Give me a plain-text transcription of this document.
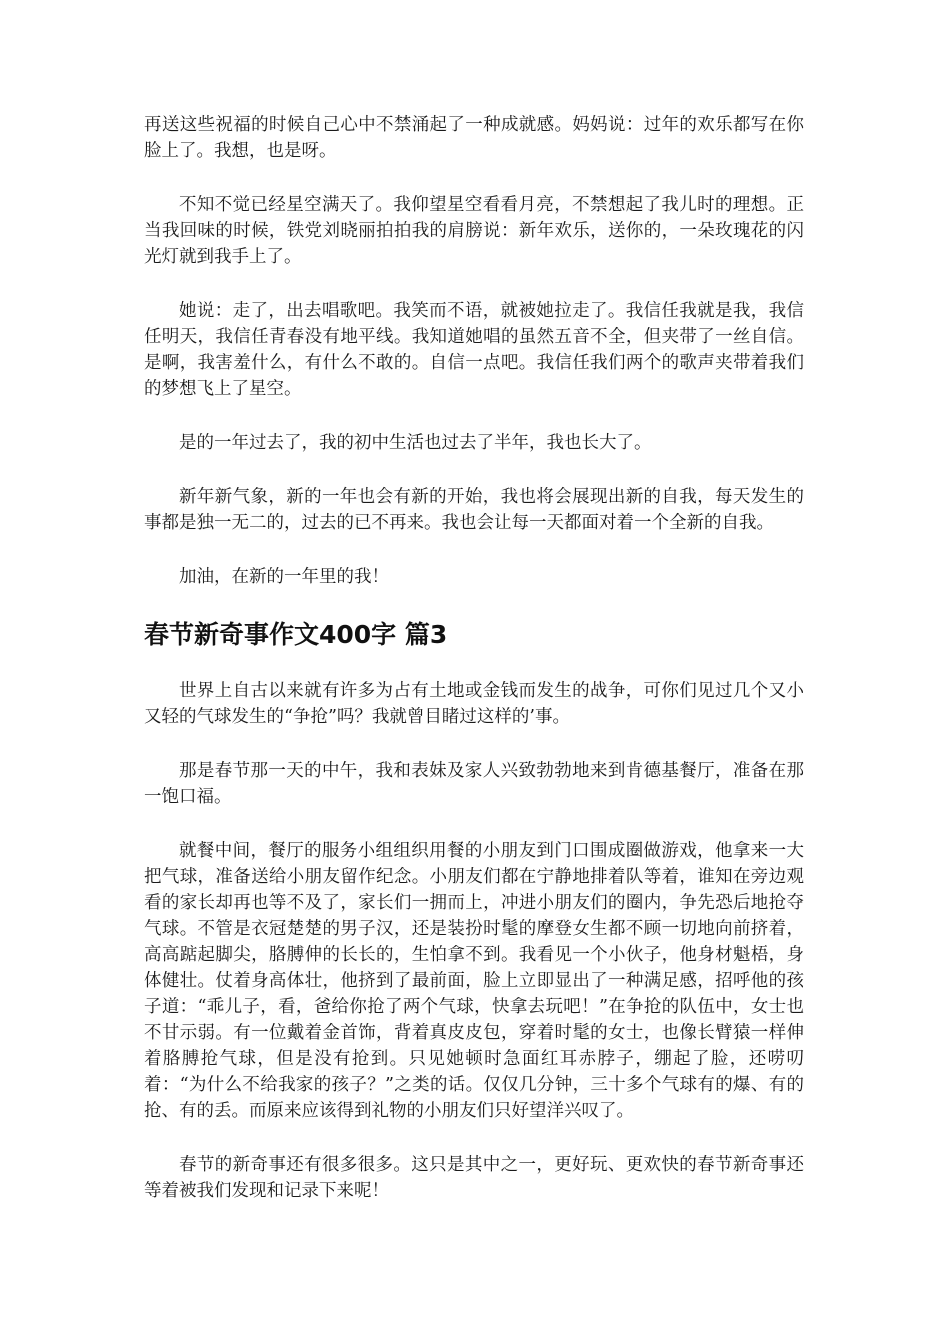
再送这些祝福的时候自己心中不禁涌起了一种成就感。妈妈说：过年的欢乐都写在你脸上了。我想，也是呀。

不知不觉已经星空满天了。我仰望星空看看月亮，不禁想起了我儿时的理想。正当我回味的时候，铁党刘晓丽拍拍我的肩膀说：新年欢乐，送你的，一朵玫瑰花的闪光灯就到我手上了。

她说：走了，出去唱歌吧。我笑而不语，就被她拉走了。我信任我就是我，我信任明天，我信任青春没有地平线。我知道她唱的虽然五音不全，但夹带了一丝自信。是啊，我害羞什么，有什么不敢的。自信一点吧。我信任我们两个的歌声夹带着我们的梦想飞上了星空。

是的一年过去了，我的初中生活也过去了半年，我也长大了。

新年新气象，新的一年也会有新的开始，我也将会展现出新的自我，每天发生的事都是独一无二的，过去的已不再来。我也会让每一天都面对着一个全新的自我。

加油，在新的一年里的我！

春节新奇事作文400字 篇3

世界上自古以来就有许多为占有土地或金钱而发生的战争，可你们见过几个又小又轻的气球发生的“争抢”吗？我就曾目睹过这样的’事。

那是春节那一天的中午，我和表妹及家人兴致勃勃地来到肯德基餐厅，准备在那一饱口福。

就餐中间，餐厅的服务小组组织用餐的小朋友到门口围成圈做游戏，他拿来一大把气球，准备送给小朋友留作纪念。小朋友们都在宁静地排着队等着，谁知在旁边观看的家长却再也等不及了，家长们一拥而上，冲进小朋友们的圈内，争先恐后地抢夺气球。不管是衣冠楚楚的男子汉，还是装扮时髦的摩登女生都不顾一切地向前挤着，高高踮起脚尖，胳膊伸的长长的，生怕拿不到。我看见一个小伙子，他身材魁梧，身体健壮。仗着身高体壮，他挤到了最前面，脸上立即显出了一种满足感，招呼他的孩子道：“乖儿子，看，爸给你抢了两个气球，快拿去玩吧！”在争抢的队伍中，女士也不甘示弱。有一位戴着金首饰，背着真皮皮包，穿着时髦的女士，也像长臂猿一样伸着胳膊抢气球，但是没有抢到。只见她顿时急面红耳赤脖子，绷起了脸，还唠叨着：“为什么不给我家的孩子？”之类的话。仅仅几分钟，三十多个气球有的爆、有的抢、有的丢。而原来应该得到礼物的小朋友们只好望洋兴叹了。

春节的新奇事还有很多很多。这只是其中之一，更好玩、更欢快的春节新奇事还等着被我们发现和记录下来呢！
